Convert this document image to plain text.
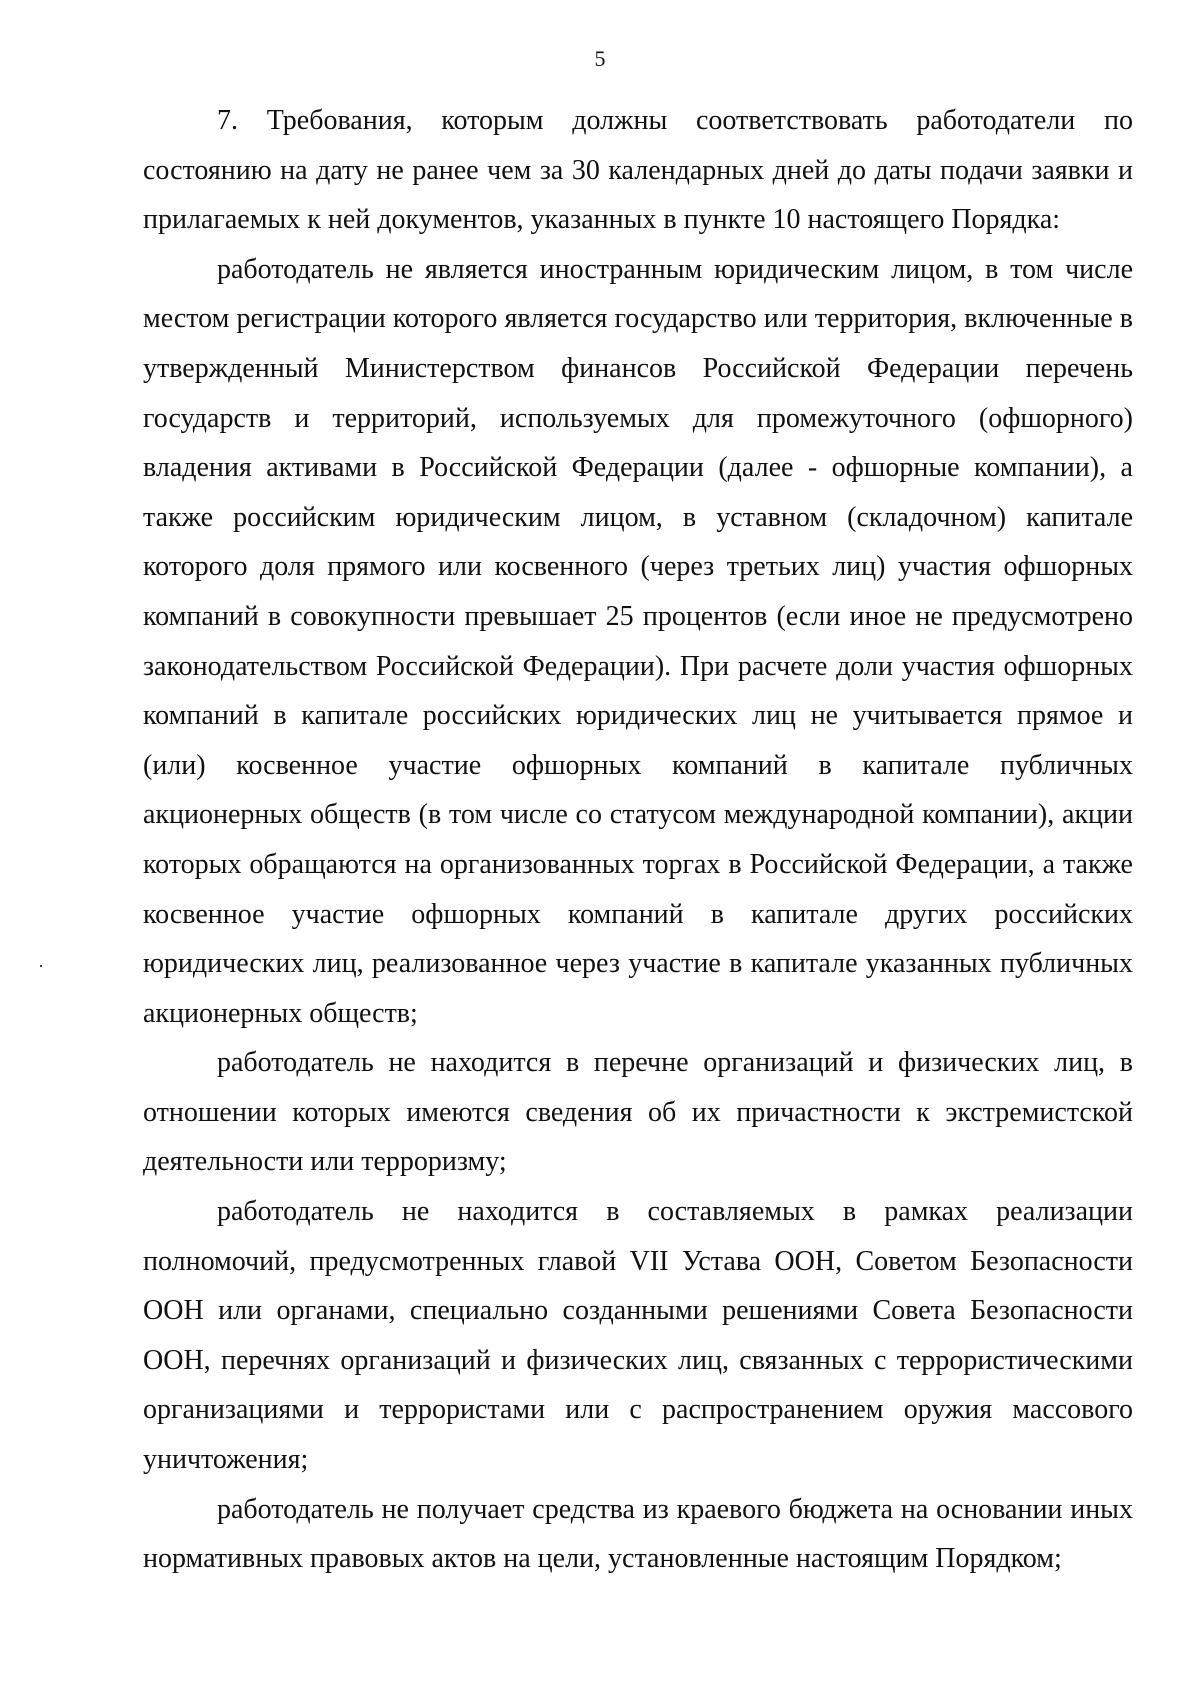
5

7. Требования, которым должны соответствовать работодатели по состоянию на дату не ранее чем за 30 календарных дней до даты подачи заявки и прилагаемых к ней документов, указанных в пункте 10 настоящего Порядка:

работодатель не является иностранным юридическим лицом, в том числе местом регистрации которого является государство или территория, включенные в утвержденный Министерством финансов Российской Федерации перечень государств и территорий, используемых для промежуточного (офшорного) владения активами в Российской Федерации (далее - офшорные компании), а также российским юридическим лицом, в уставном (складочном) капитале которого доля прямого или косвенного (через третьих лиц) участия офшорных компаний в совокупности превышает 25 процентов (если иное не предусмотрено законодательством Российской Федерации). При расчете доли участия офшорных компаний в капитале российских юридических лиц не учитывается прямое и (или) косвенное участие офшорных компаний в капитале публичных акционерных обществ (в том числе со статусом международной компании), акции которых обращаются на организованных торгах в Российской Федерации, а также косвенное участие офшорных компаний в капитале других российских юридических лиц, реализованное через участие в капитале указанных публичных акционерных обществ;

работодатель не находится в перечне организаций и физических лиц, в отношении которых имеются сведения об их причастности к экстремистской деятельности или терроризму;

работодатель не находится в составляемых в рамках реализации полномочий, предусмотренных главой VII Устава ООН, Советом Безопасности ООН или органами, специально созданными решениями Совета Безопасности ООН, перечнях организаций и физических лиц, связанных с террористическими организациями и террористами или с распространением оружия массового уничтожения;

работодатель не получает средства из краевого бюджета на основании иных нормативных правовых актов на цели, установленные настоящим Порядком;
